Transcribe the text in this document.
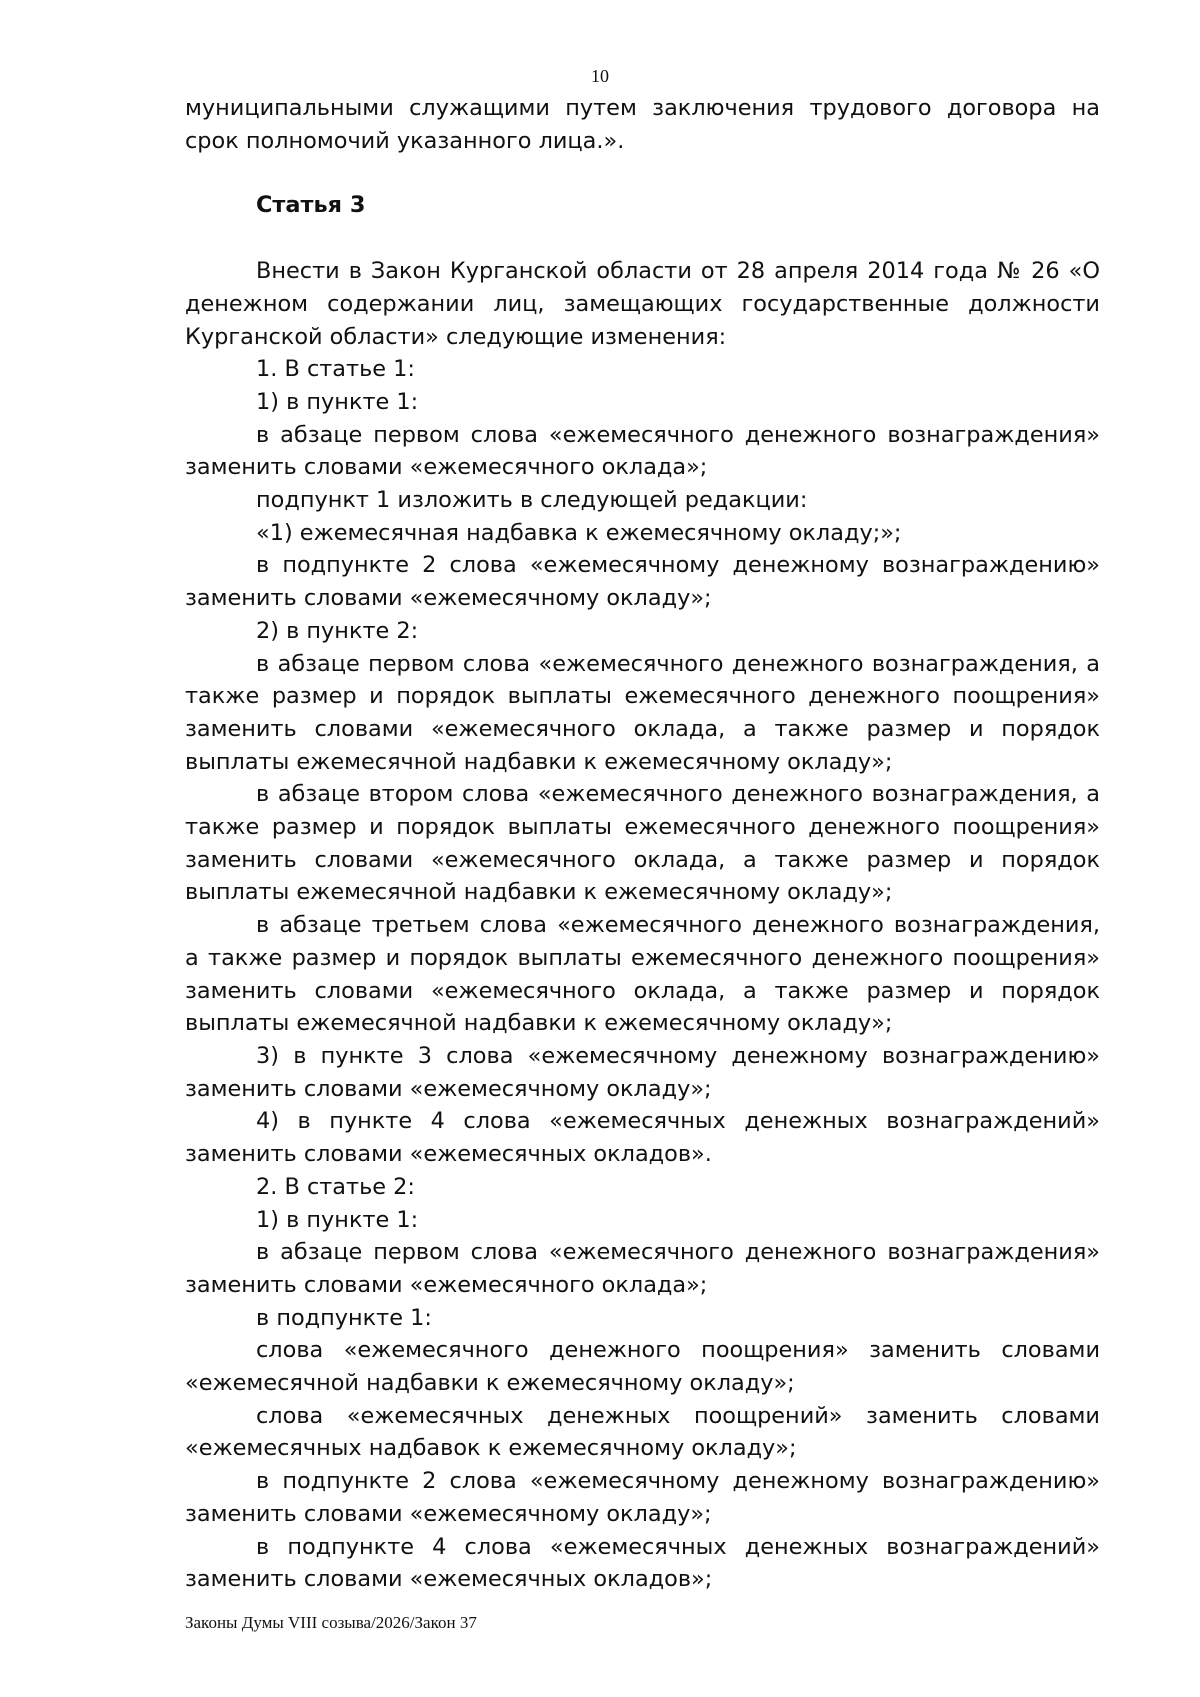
10

муниципальными служащими путем заключения трудового договора на срок полномочий указанного лица.».

Статья 3

Внести в Закон Курганской области от 28 апреля 2014 года № 26 «О денежном содержании лиц, замещающих государственные должности Курганской области» следующие изменения:

1. В статье 1:

1) в пункте 1:

в абзаце первом слова «ежемесячного денежного вознаграждения» заменить словами «ежемесячного оклада»;

подпункт 1 изложить в следующей редакции:

«1) ежемесячная надбавка к ежемесячному окладу;»;

в подпункте 2 слова «ежемесячному денежному вознаграждению» заменить словами «ежемесячному окладу»;

2) в пункте 2:

в абзаце первом слова «ежемесячного денежного вознаграждения, а также размер и порядок выплаты ежемесячного денежного поощрения» заменить словами «ежемесячного оклада, а также размер и порядок выплаты ежемесячной надбавки к ежемесячному окладу»;

в абзаце втором слова «ежемесячного денежного вознаграждения, а также размер и порядок выплаты ежемесячного денежного поощрения» заменить словами «ежемесячного оклада, а также размер и порядок выплаты ежемесячной надбавки к ежемесячному окладу»;

в абзаце третьем слова «ежемесячного денежного вознаграждения, а также размер и порядок выплаты ежемесячного денежного поощрения» заменить словами «ежемесячного оклада, а также размер и порядок выплаты ежемесячной надбавки к ежемесячному окладу»;

3) в пункте 3 слова «ежемесячному денежному вознаграждению» заменить словами «ежемесячному окладу»;

4) в пункте 4 слова «ежемесячных денежных вознаграждений» заменить словами «ежемесячных окладов».

2. В статье 2:

1) в пункте 1:

в абзаце первом слова «ежемесячного денежного вознаграждения» заменить словами «ежемесячного оклада»;

в подпункте 1:

слова «ежемесячного денежного поощрения» заменить словами «ежемесячной надбавки к ежемесячному окладу»;

слова «ежемесячных денежных поощрений» заменить словами «ежемесячных надбавок к ежемесячному окладу»;

в подпункте 2 слова «ежемесячному денежному вознаграждению» заменить словами «ежемесячному окладу»;

в подпункте 4 слова «ежемесячных денежных вознаграждений» заменить словами «ежемесячных окладов»;

Законы Думы VIII созыва/2026/Закон 37
